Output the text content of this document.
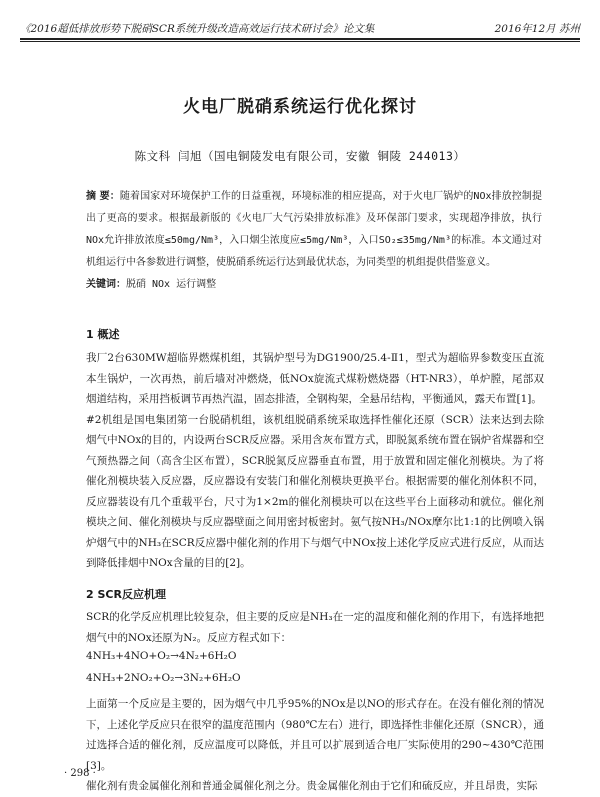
《2016超低排放形势下脱硝SCR系统升级改造高效运行技术研讨会》论文集	2016年12月 苏州
火电厂脱硝系统运行优化探讨
陈文科 闫旭（国电铜陵发电有限公司，安徽 铜陵 244013）
摘 要：随着国家对环境保护工作的日益重视，环境标准的相应提高，对于火电厂锅炉的NOx排放控制提出了更高的要求。根据最新版的《火电厂大气污染排放标准》及环保部门要求，实现超净排放，执行NOx允许排放浓度≤50mg/Nm³，入口烟尘浓度应≤5mg/Nm³，入口SO₂≤35mg/Nm³的标准。本文通过对机组运行中各参数进行调整，使脱硝系统运行达到最优状态，为同类型的机组提供借鉴意义。
关键词：脱硝 NOx 运行调整
1 概述

我厂2台630MW超临界燃煤机组，其锅炉型号为DG1900/25.4-Ⅱ1，型式为超临界参数变压直流本生锅炉，一次再热，前后墙对冲燃烧，低NOx旋流式煤粉燃烧器（HT-NR3），单炉膛，尾部双烟道结构，采用挡板调节再热汽温，固态排渣，全钢构架，全悬吊结构，平衡通风，露天布置[1]。

#2机组是国电集团第一台脱硝机组，该机组脱硝系统采取选择性催化还原（SCR）法来达到去除烟气中NOx的目的，内设两台SCR反应器。采用含灰布置方式，即脱氮系统布置在锅炉省煤器和空气预热器之间（高含尘区布置），SCR脱氮反应器垂直布置，用于放置和固定催化剂模块。为了将催化剂模块装入反应器，反应器设有安装门和催化剂模块更换平台。根据需要的催化剂体积不同，反应器装设有几个重载平台，尺寸为1×2m的催化剂模块可以在这些平台上面移动和就位。催化剂模块之间、催化剂模块与反应器壁面之间用密封板密封。氨气按NH₃/NOx摩尔比1:1的比例喷入锅炉烟气中的NH₃在SCR反应器中催化剂的作用下与烟气中NOx按上述化学反应式进行反应，从而达到降低排烟中NOx含量的目的[2]。

2 SCR反应机理

SCR的化学反应机理比较复杂，但主要的反应是NH₃在一定的温度和催化剂的作用下，有选择地把烟气中的NOx还原为N₂。反应方程式如下：

4NH₃+4NO+O₂→4N₂+6H₂O
4NH₃+2NO₂+O₂→3N₂+6H₂O

上面第一个反应是主要的，因为烟气中几乎95%的NOx是以NO的形式存在。在没有催化剂的情况下，上述化学反应只在很窄的温度范围内（980℃左右）进行，即选择性非催化还原（SNCR），通过选择合适的催化剂，反应温度可以降低，并且可以扩展到适合电厂实际使用的290~430℃范围[3]。

催化剂有贵金属催化剂和普通金属催化剂之分。贵金属催化剂由于它们和硫反应，并且昂贵，实际

· 298 ·
